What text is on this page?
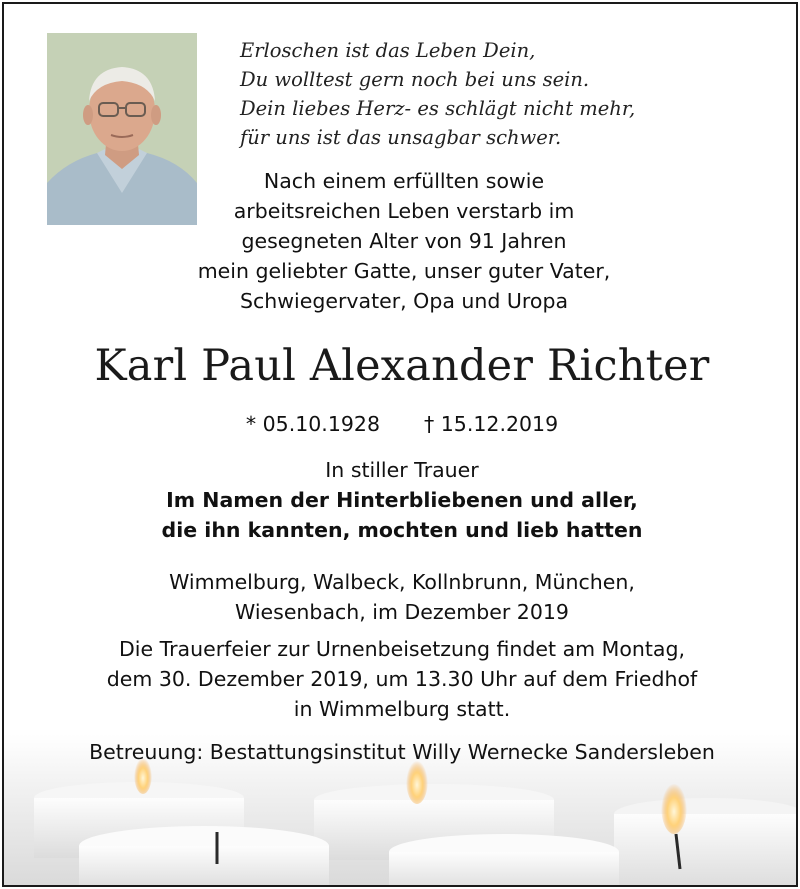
Erloschen ist das Leben Dein,
Du wolltest gern noch bei uns sein.
Dein liebes Herz- es schlägt nicht mehr,
für uns ist das unsagbar schwer.
Nach einem erfüllten sowie
arbeitsreichen Leben verstarb im
gesegneten Alter von 91 Jahren
mein geliebter Gatte, unser guter Vater,
Schwiegervater, Opa und Uropa
Karl Paul Alexander Richter
* 05.10.1928 † 15.12.2019
In stiller Trauer
Im Namen der Hinterbliebenen und aller,
die ihn kannten, mochten und lieb hatten
Wimmelburg, Walbeck, Kollnbrunn, München,
Wiesenbach, im Dezember 2019
Die Trauerfeier zur Urnenbeisetzung findet am Montag,
dem 30. Dezember 2019, um 13.30 Uhr auf dem Friedhof
in Wimmelburg statt.
Betreuung: Bestattungsinstitut Willy Wernecke Sandersleben
